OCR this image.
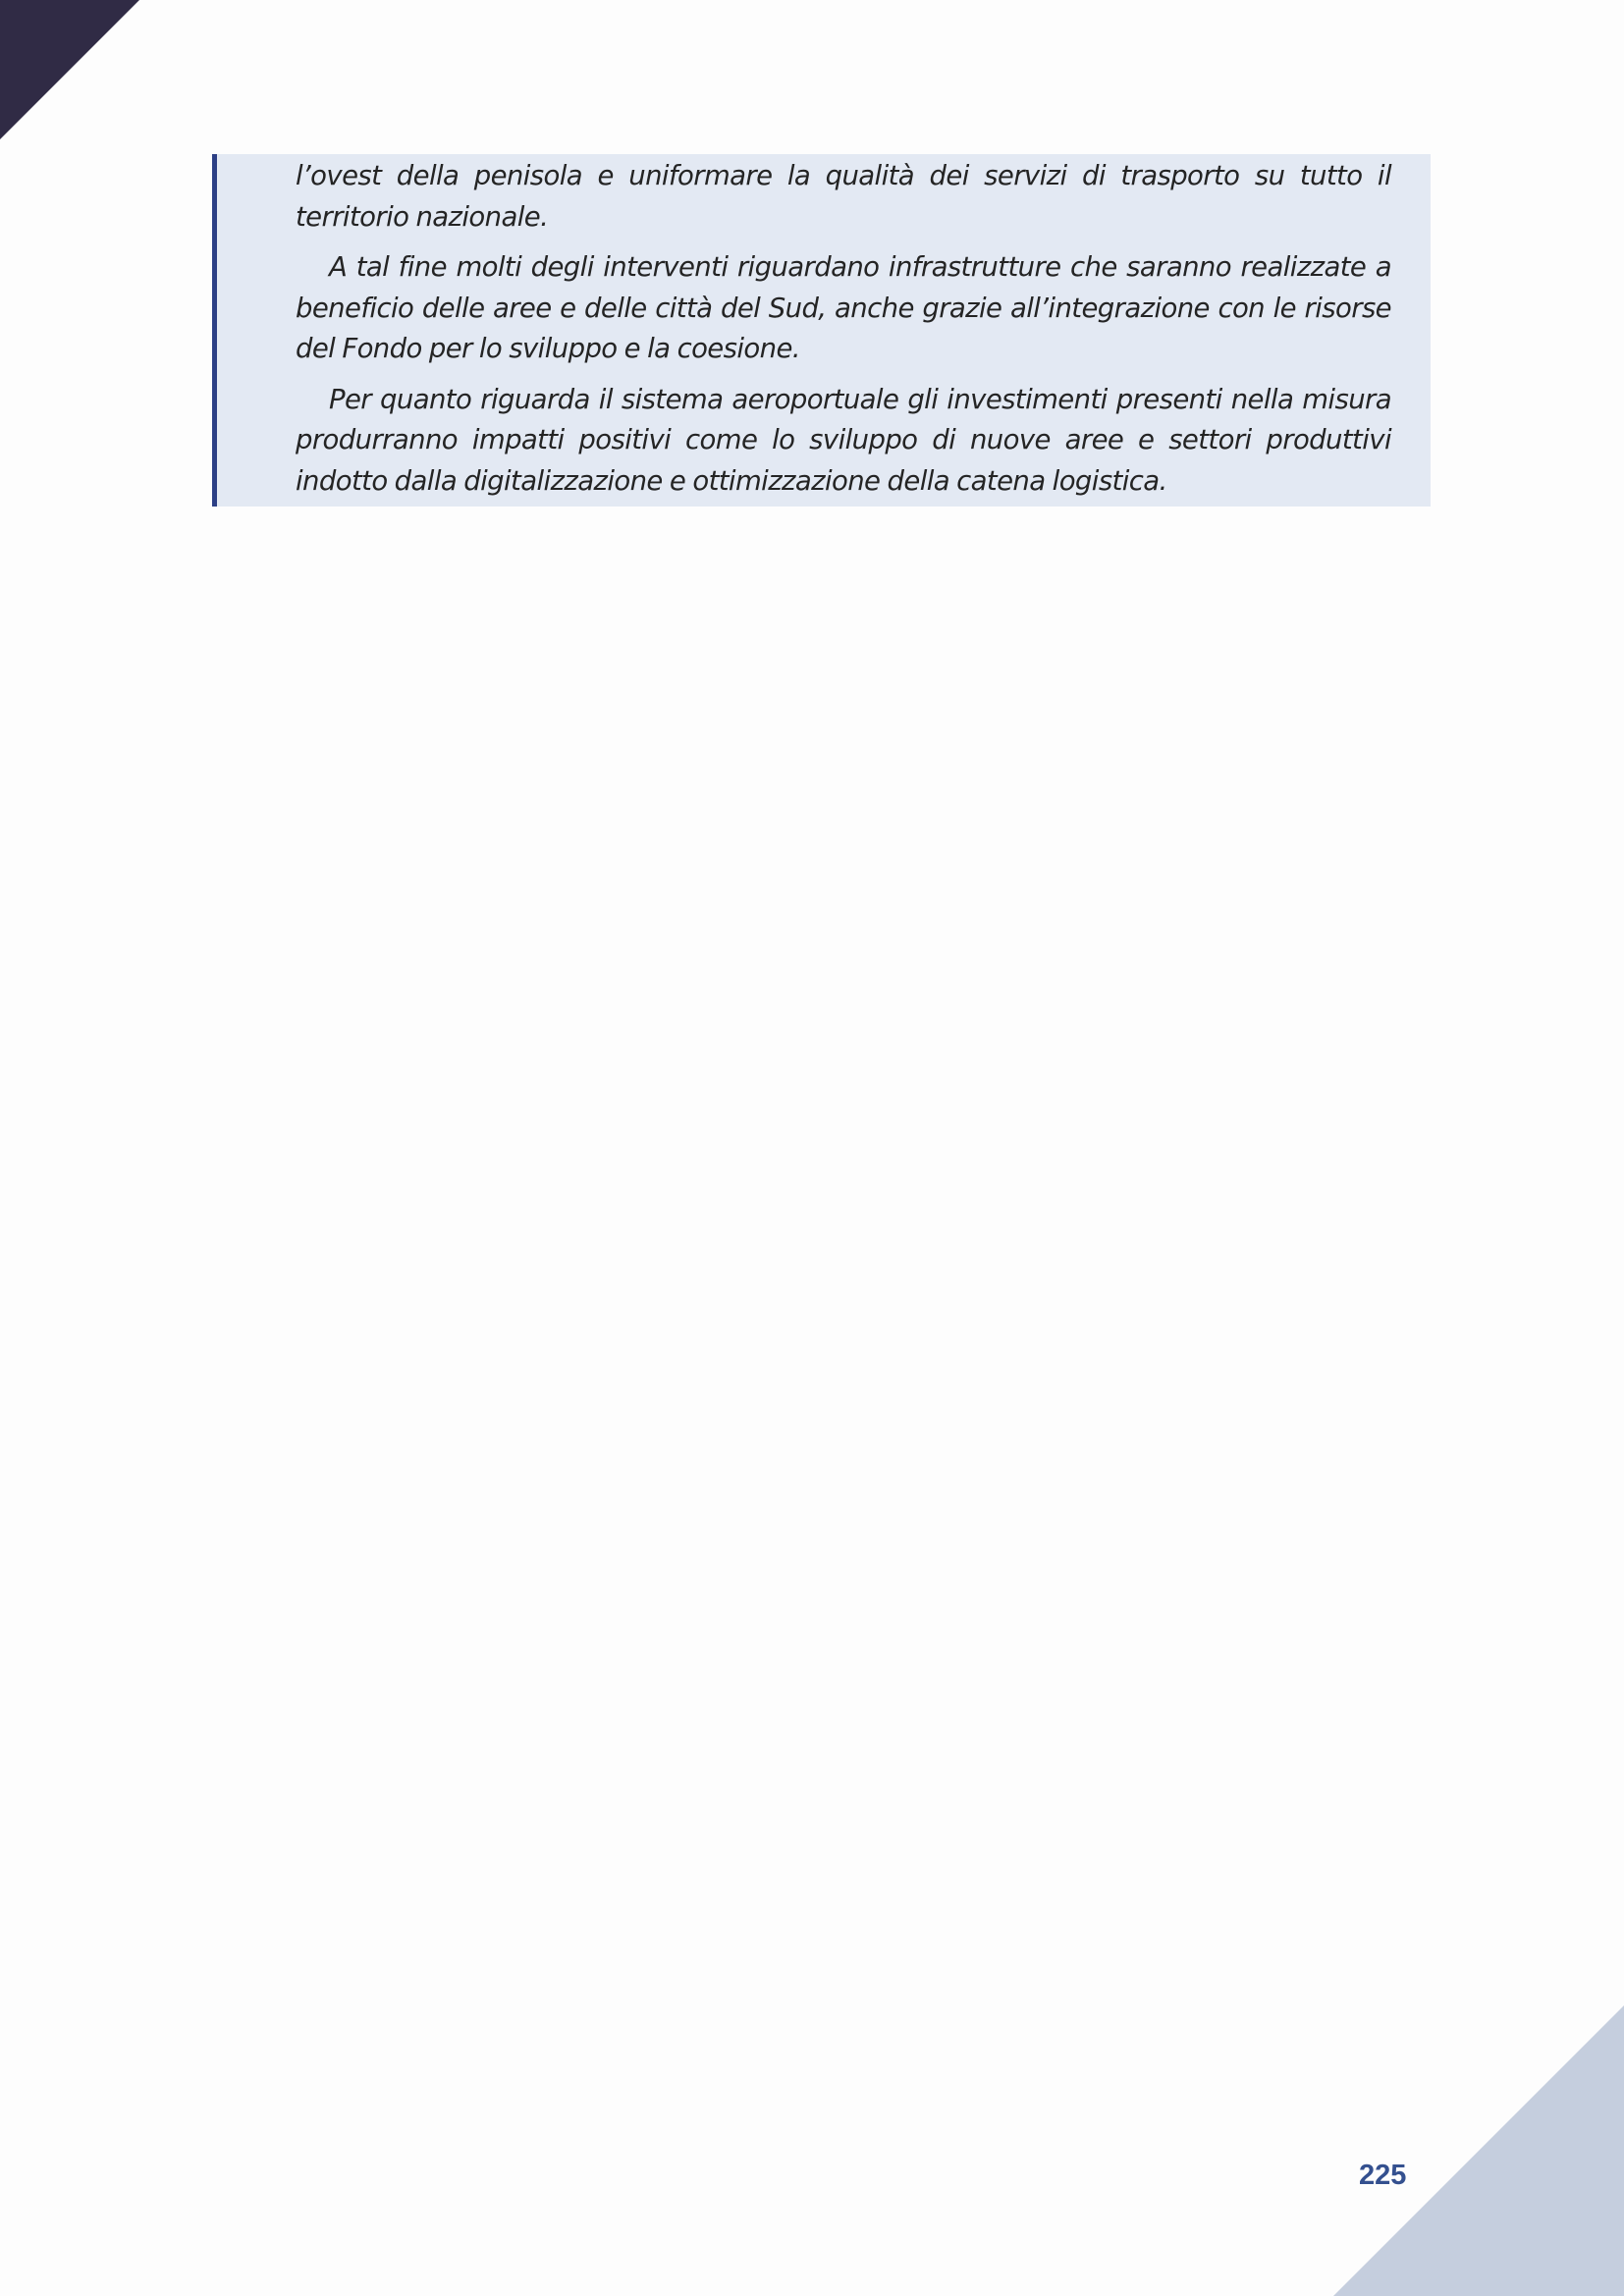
l’ovest della penisola e uniformare la qualità dei servizi di trasporto su tutto il territorio nazionale.

A tal fine molti degli interventi riguardano infrastrutture che saranno realizzate a beneficio delle aree e delle città del Sud, anche grazie all’integrazione con le risorse del Fondo per lo sviluppo e la coesione.

Per quanto riguarda il sistema aeroportuale gli investimenti presenti nella misura produrranno impatti positivi come lo sviluppo di nuove aree e settori produttivi indotto dalla digitalizzazione e ottimizzazione della catena logistica.

225
